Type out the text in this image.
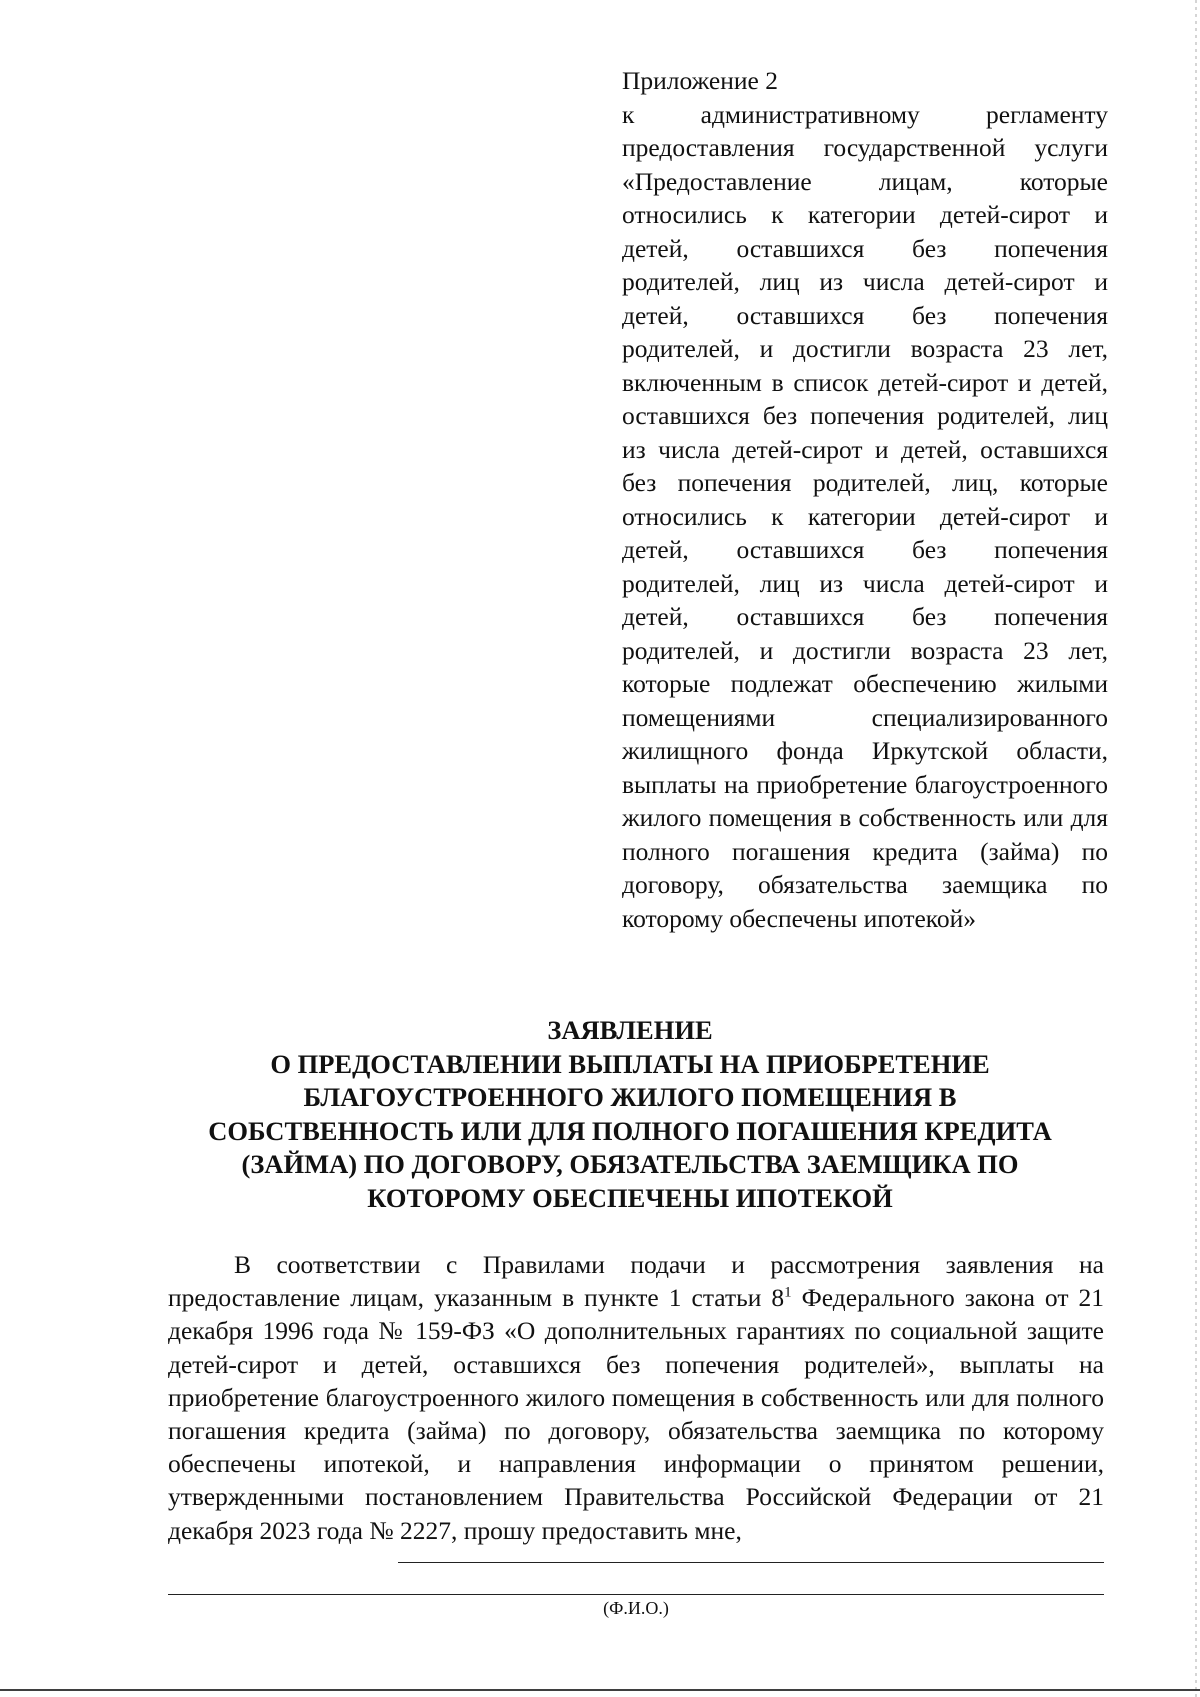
Приложение 2
к административному регламенту предоставления государственной услуги «Предоставление лицам, которые относились к категории детей-сирот и детей, оставшихся без попечения родителей, лиц из числа детей-сирот и детей, оставшихся без попечения родителей, и достигли возраста 23 лет, включенным в список детей-сирот и детей, оставшихся без попечения родителей, лиц из числа детей-сирот и детей, оставшихся без попечения родителей, лиц, которые относились к категории детей-сирот и детей, оставшихся без попечения родителей, лиц из числа детей-сирот и детей, оставшихся без попечения родителей, и достигли возраста 23 лет, которые подлежат обеспечению жилыми помещениями специализированного жилищного фонда Иркутской области, выплаты на приобретение благоустроенного жилого помещения в собственность или для полного погашения кредита (займа) по договору, обязательства заемщика по которому обеспечены ипотекой»
ЗАЯВЛЕНИЕ
О ПРЕДОСТАВЛЕНИИ ВЫПЛАТЫ НА ПРИОБРЕТЕНИЕ
БЛАГОУСТРОЕННОГО ЖИЛОГО ПОМЕЩЕНИЯ В
СОБСТВЕННОСТЬ ИЛИ ДЛЯ ПОЛНОГО ПОГАШЕНИЯ КРЕДИТА
(ЗАЙМА) ПО ДОГОВОРУ, ОБЯЗАТЕЛЬСТВА ЗАЕМЩИКА ПО
КОТОРОМУ ОБЕСПЕЧЕНЫ ИПОТЕКОЙ
В соответствии с Правилами подачи и рассмотрения заявления на предоставление лицам, указанным в пункте 1 статьи $8^1$ Федерального закона от 21 декабря 1996 года № 159-ФЗ «О дополнительных гарантиях по социальной защите детей-сирот и детей, оставшихся без попечения родителей», выплаты на приобретение благоустроенного жилого помещения в собственность или для полного погашения кредита (займа) по договору, обязательства заемщика по которому обеспечены ипотекой, и направления информации о принятом решении, утвержденными постановлением Правительства Российской Федерации от 21 декабря 2023 года № 2227, прошу предоставить мне,
(Ф.И.О.)
